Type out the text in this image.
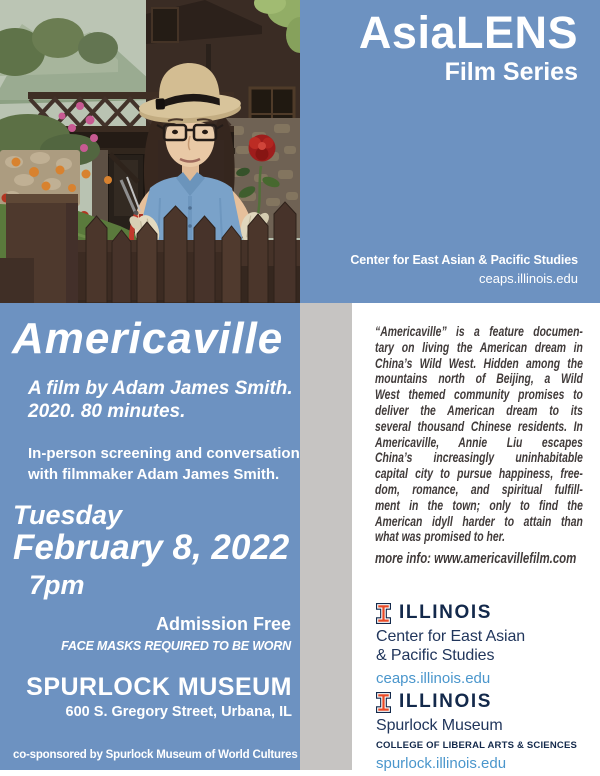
AsiaLENS
Film Series
Center for East Asian & Pacific Studies
ceaps.illinois.edu
Americaville
A film by Adam James Smith.
2020. 80 minutes.
In-person screening and conversation
with filmmaker Adam James Smith.
Tuesday
February 8, 2022
7pm
Admission Free
FACE MASKS REQUIRED TO BE WORN
SPURLOCK MUSEUM
600 S. Gregory Street, Urbana, IL
co-sponsored by Spurlock Museum of World Cultures
“Americaville” is a feature documen-
tary on living the American dream in
China’s Wild West. Hidden among the
mountains north of Beijing, a Wild
West themed community promises to
deliver the American dream to its
several thousand Chinese residents. In
Americaville, Annie Liu escapes
China’s increasingly uninhabitable
capital city to pursue happiness, free-
dom, romance, and spiritual fulfill-
ment in the town; only to find the
American idyll harder to attain than
what was promised to her.
more info: www.americavillefilm.com
ILLINOIS
Center for East Asian
& Pacific Studies
ceaps.illinois.edu
ILLINOIS
Spurlock Museum
COLLEGE OF LIBERAL ARTS & SCIENCES
spurlock.illinois.edu
